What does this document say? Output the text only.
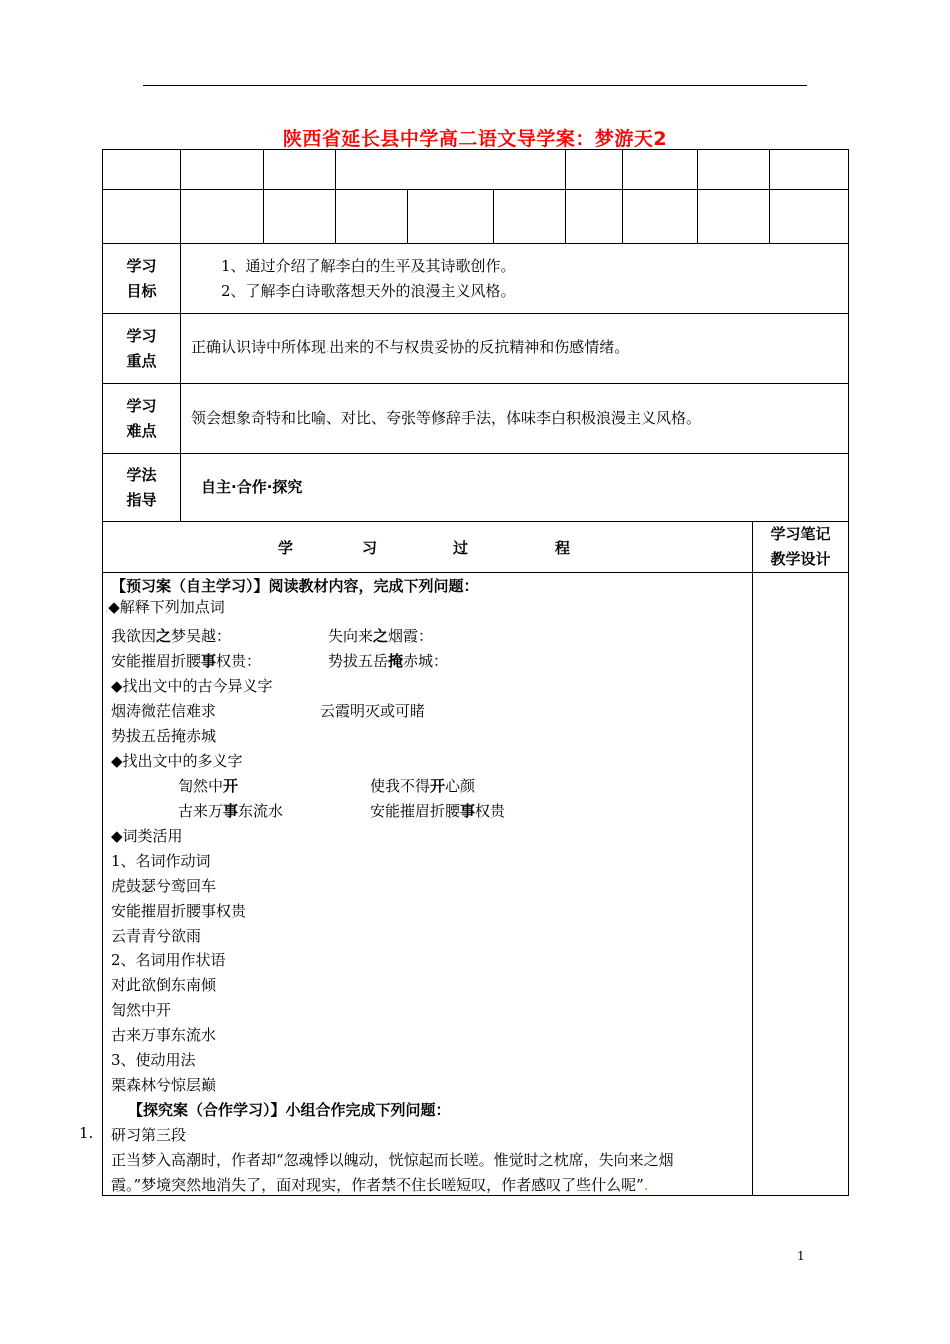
陕西省延长县中学高二语文导学案：梦游天2
学习
目标
1、通过介绍了解李白的生平及其诗歌创作。
2、了解李白诗歌落想天外的浪漫主义风格。
学习
重点
正确认识诗中所体现.出来的不与权贵妥协的反抗精神和伤感情绪。
学习
难点
领会想象奇特和比喻、对比、夸张等修辞手法，体味李白积极浪漫主义风格。
学法
指导
自主·合作·探究
学	习	过	程
学习笔记
教学设计
【预习案（自主学习）】阅读教材内容，完成下列问题：
.◆解释下列加点词
我欲因之梦吴越：	失向来之烟霞：
安能摧眉折腰事权贵：	势拔五岳掩赤城：
◆找出文中的古今异义字
烟涛微茫信难求	云霞明灭或可睹
势拔五岳掩赤城
◆找出文中的多义字
訇然中开	使我不得开心颜
古来万事东流水	安能摧眉折腰事权贵
◆词类活用
1、名词作动词
虎鼓瑟兮鸾回车
安能摧眉折腰事权贵
云青青兮欲雨
2、名词用作状语
对此欲倒东南倾
訇然中开
古来万事东流水
3、使动用法
栗森林兮惊层巅
【探究案（合作学习）】小组合作完成下列问题：
1. 研习第三段
正当梦入高潮时，作者却“忽魂悸以魄动，恍惊起而长嗟。惟觉时之枕席，失向来之烟
霞。”梦境突然地消失了，面对现实，作者禁不住长嗟短叹，作者感叹了些什么呢”.
1
